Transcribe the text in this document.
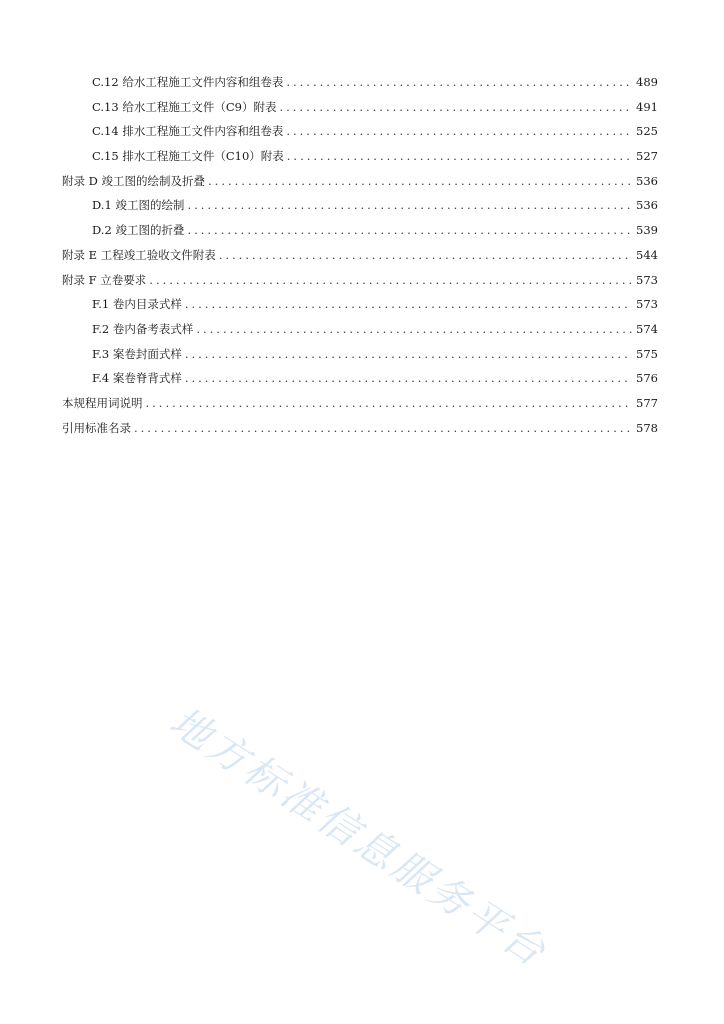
C.12 给水工程施工文件内容和组卷表 .....	489
C.13 给水工程施工文件（C9）附表 .....	491
C.14 排水工程施工文件内容和组卷表 .....	525
C.15 排水工程施工文件（C10）附表 .....	527
附录 D 竣工图的绘制及折叠 .....	536
D.1 竣工图的绘制 .....	536
D.2 竣工图的折叠 .....	539
附录 E 工程竣工验收文件附表 .....	544
附录 F 立卷要求 .....	573
F.1 卷内目录式样 .....	573
F.2 卷内备考表式样 .....	574
F.3 案卷封面式样 .....	575
F.4 案卷脊背式样 .....	576
本规程用词说明 .....	577
引用标准名录 .....	578
地方标准信息服务平台
